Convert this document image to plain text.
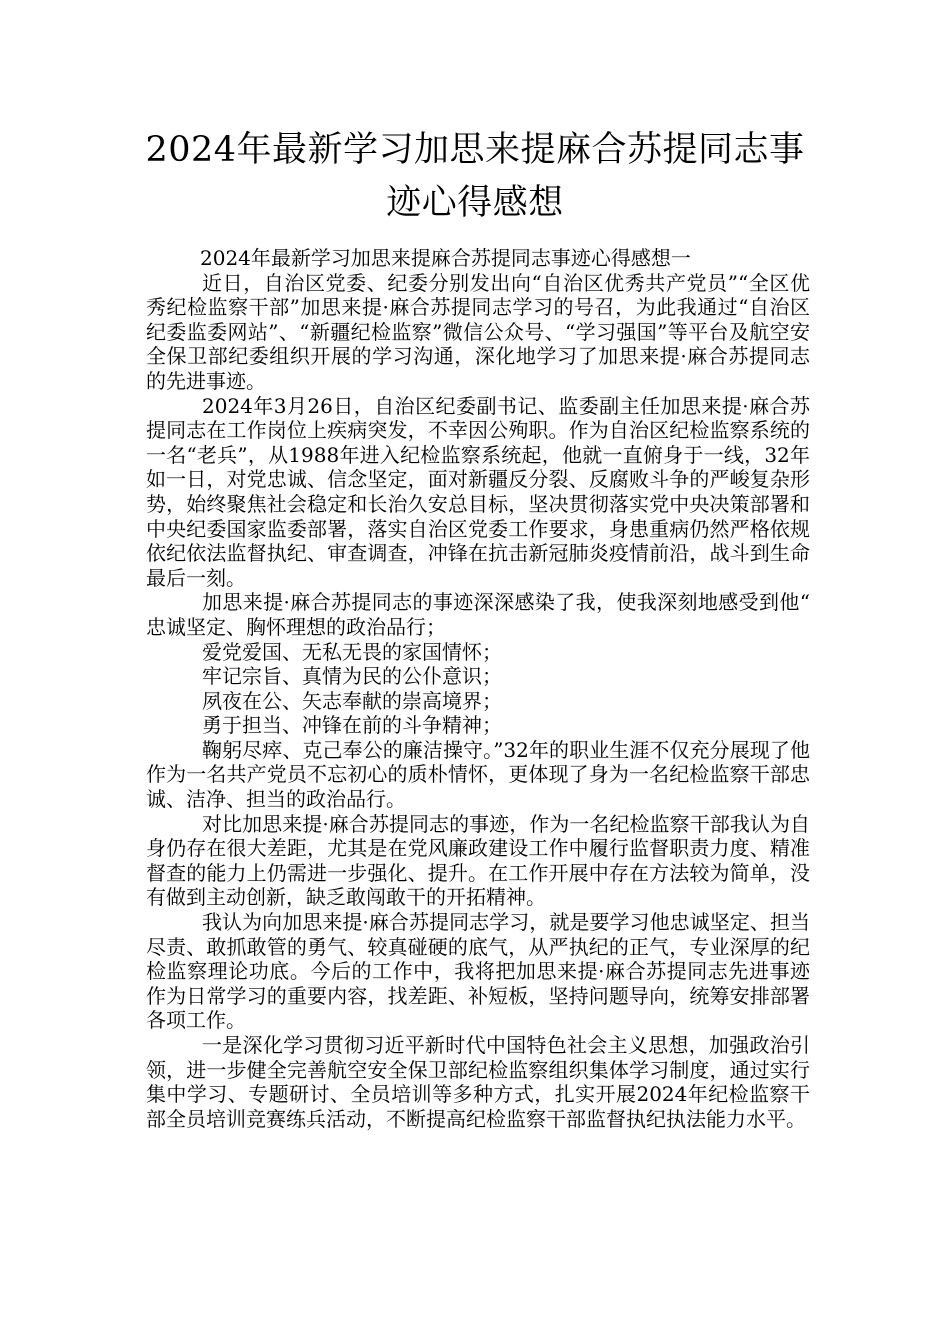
2024年最新学习加思来提麻合苏提同志事
迹心得感想

2024年最新学习加思来提麻合苏提同志事迹心得感想一

近日，自治区党委、纪委分别发出向“自治区优秀共产党员”“全区优秀纪检监察干部”加思来提·麻合苏提同志学习的号召，为此我通过“自治区纪委监委网站”、“新疆纪检监察”微信公众号、“学习强国”等平台及航空安全保卫部纪委组织开展的学习沟通，深化地学习了加思来提·麻合苏提同志的先进事迹。

2024年3月26日，自治区纪委副书记、监委副主任加思来提·麻合苏提同志在工作岗位上疾病突发，不幸因公殉职。作为自治区纪检监察系统的一名“老兵”，从1988年进入纪检监察系统起，他就一直俯身于一线，32年如一日，对党忠诚、信念坚定，面对新疆反分裂、反腐败斗争的严峻复杂形势，始终聚焦社会稳定和长治久安总目标，坚决贯彻落实党中央决策部署和中央纪委国家监委部署，落实自治区党委工作要求，身患重病仍然严格依规依纪依法监督执纪、审查调查，冲锋在抗击新冠肺炎疫情前沿，战斗到生命最后一刻。

加思来提·麻合苏提同志的事迹深深感染了我，使我深刻地感受到他“忠诚坚定、胸怀理想的政治品行；

爱党爱国、无私无畏的家国情怀；

牢记宗旨、真情为民的公仆意识；

夙夜在公、矢志奉献的崇高境界；

勇于担当、冲锋在前的斗争精神；

鞠躬尽瘁、克己奉公的廉洁操守。”32年的职业生涯不仅充分展现了他作为一名共产党员不忘初心的质朴情怀，更体现了身为一名纪检监察干部忠诚、洁净、担当的政治品行。

对比加思来提·麻合苏提同志的事迹，作为一名纪检监察干部我认为自身仍存在很大差距，尤其是在党风廉政建设工作中履行监督职责力度、精准督查的能力上仍需进一步强化、提升。在工作开展中存在方法较为简单，没有做到主动创新，缺乏敢闯敢干的开拓精神。

我认为向加思来提·麻合苏提同志学习，就是要学习他忠诚坚定、担当尽责、敢抓敢管的勇气、较真碰硬的底气，从严执纪的正气，专业深厚的纪检监察理论功底。今后的工作中，我将把加思来提·麻合苏提同志先进事迹作为日常学习的重要内容，找差距、补短板，坚持问题导向，统筹安排部署各项工作。

一是深化学习贯彻习近平新时代中国特色社会主义思想，加强政治引领，进一步健全完善航空安全保卫部纪检监察组织集体学习制度，通过实行集中学习、专题研讨、全员培训等多种方式，扎实开展2024年纪检监察干部全员培训竞赛练兵活动，不断提高纪检监察干部监督执纪执法能力水平。
